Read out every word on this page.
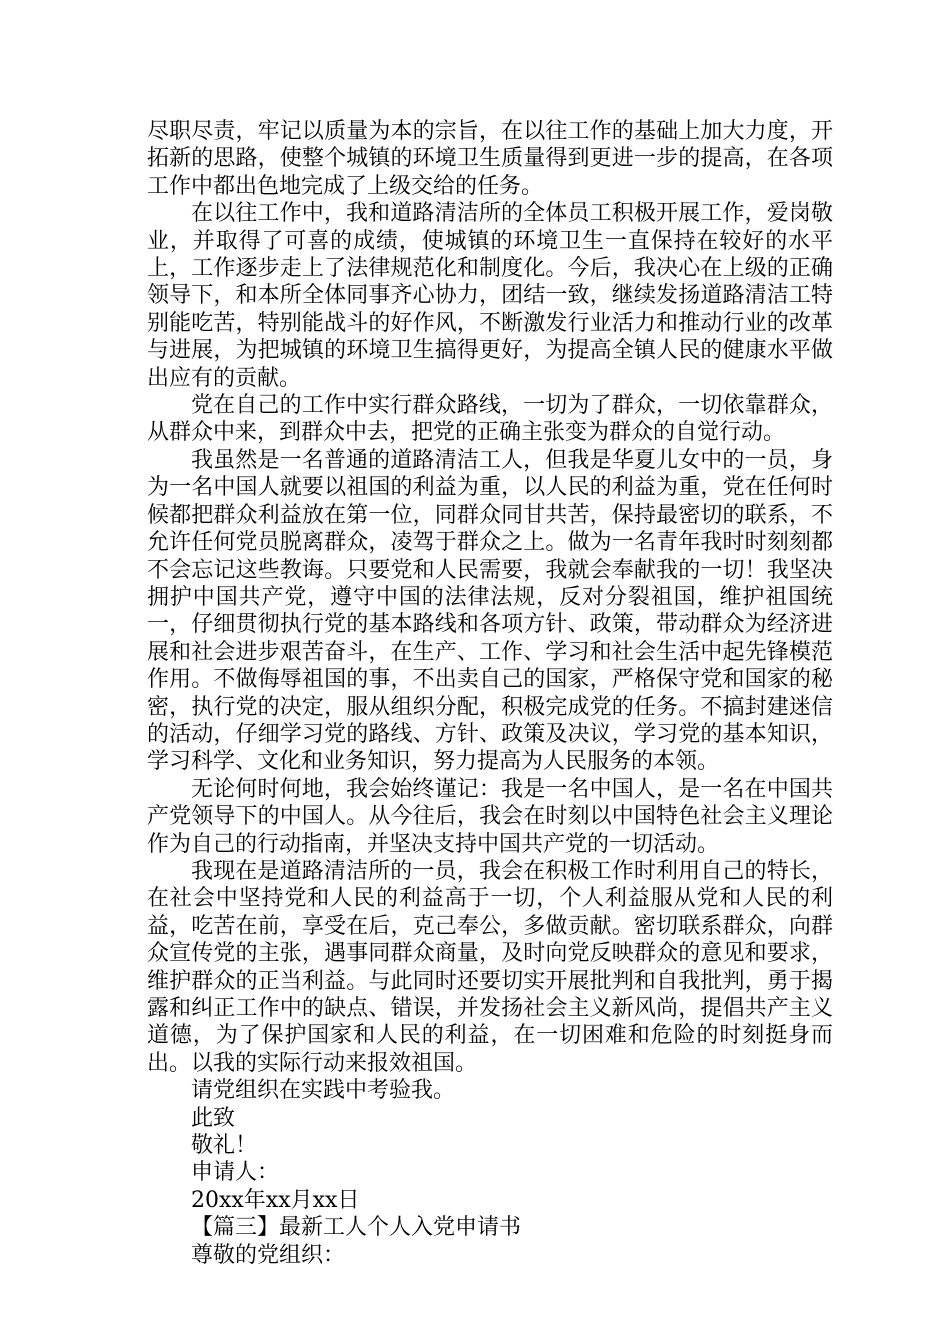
尽职尽责，牢记以质量为本的宗旨，在以往工作的基础上加大力度，开拓新的思路，使整个城镇的环境卫生质量得到更进一步的提高，在各项工作中都出色地完成了上级交给的任务。

在以往工作中，我和道路清洁所的全体员工积极开展工作，爱岗敬业，并取得了可喜的成绩，使城镇的环境卫生一直保持在较好的水平上，工作逐步走上了法律规范化和制度化。今后，我决心在上级的正确领导下，和本所全体同事齐心协力，团结一致，继续发扬道路清洁工特别能吃苦，特别能战斗的好作风，不断激发行业活力和推动行业的改革与进展，为把城镇的环境卫生搞得更好，为提高全镇人民的健康水平做出应有的贡献。

党在自己的工作中实行群众路线，一切为了群众，一切依靠群众，从群众中来，到群众中去，把党的正确主张变为群众的自觉行动。

我虽然是一名普通的道路清洁工人，但我是华夏儿女中的一员，身为一名中国人就要以祖国的利益为重，以人民的利益为重，党在任何时候都把群众利益放在第一位，同群众同甘共苦，保持最密切的联系，不允许任何党员脱离群众，凌驾于群众之上。做为一名青年我时时刻刻都不会忘记这些教诲。只要党和人民需要，我就会奉献我的一切！我坚决拥护中国共产党，遵守中国的法律法规，反对分裂祖国，维护祖国统一，仔细贯彻执行党的基本路线和各项方针、政策，带动群众为经济进展和社会进步艰苦奋斗，在生产、工作、学习和社会生活中起先锋模范作用。不做侮辱祖国的事，不出卖自己的国家，严格保守党和国家的秘密，执行党的决定，服从组织分配，积极完成党的任务。不搞封建迷信的活动，仔细学习党的路线、方针、政策及决议，学习党的基本知识，学习科学、文化和业务知识，努力提高为人民服务的本领。

无论何时何地，我会始终谨记：我是一名中国人，是一名在中国共产党领导下的中国人。从今往后，我会在时刻以中国特色社会主义理论作为自己的行动指南，并坚决支持中国共产党的一切活动。

我现在是道路清洁所的一员，我会在积极工作时利用自己的特长，在社会中坚持党和人民的利益高于一切，个人利益服从党和人民的利益，吃苦在前，享受在后，克己奉公，多做贡献。密切联系群众，向群众宣传党的主张，遇事同群众商量，及时向党反映群众的意见和要求，维护群众的正当利益。与此同时还要切实开展批判和自我批判，勇于揭露和纠正工作中的缺点、错误，并发扬社会主义新风尚，提倡共产主义道德，为了保护国家和人民的利益，在一切困难和危险的时刻挺身而出。以我的实际行动来报效祖国。

请党组织在实践中考验我。

此致

敬礼！

申请人：

20xx年xx月xx日

【篇三】最新工人个人入党申请书

尊敬的党组织：
